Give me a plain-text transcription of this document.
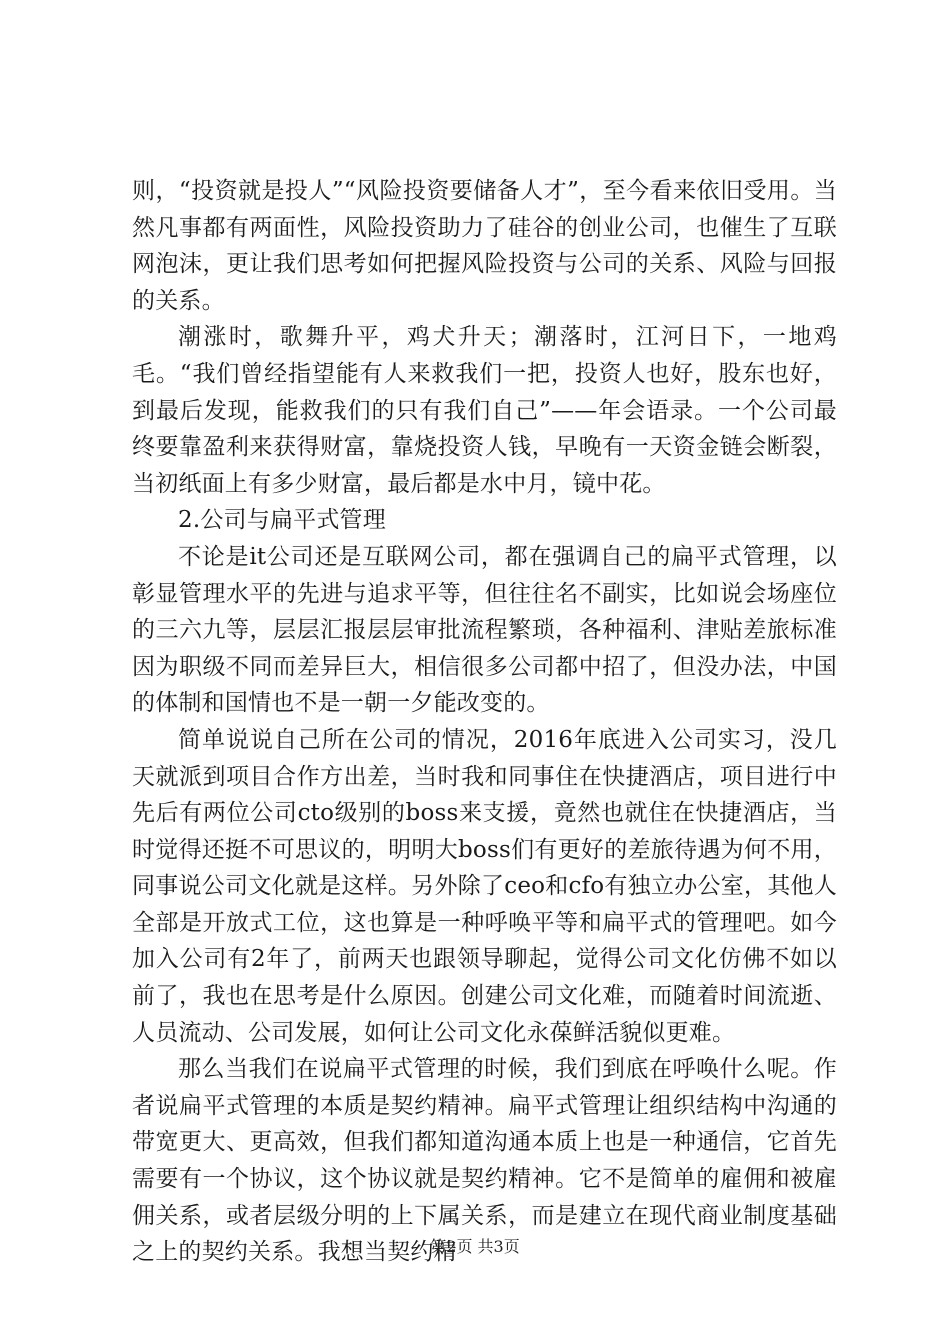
则，“投资就是投人”“风险投资要储备人才”，至今看来依旧受用。当然凡事都有两面性，风险投资助力了硅谷的创业公司，也催生了互联网泡沫，更让我们思考如何把握风险投资与公司的关系、风险与回报的关系。

潮涨时，歌舞升平，鸡犬升天；潮落时，江河日下，一地鸡毛。“我们曾经指望能有人来救我们一把，投资人也好，股东也好，到最后发现，能救我们的只有我们自己”——年会语录。一个公司最终要靠盈利来获得财富，靠烧投资人钱，早晚有一天资金链会断裂，当初纸面上有多少财富，最后都是水中月，镜中花。

2.公司与扁平式管理

不论是it公司还是互联网公司，都在强调自己的扁平式管理，以彰显管理水平的先进与追求平等，但往往名不副实，比如说会场座位的三六九等，层层汇报层层审批流程繁琐，各种福利、津贴差旅标准因为职级不同而差异巨大，相信很多公司都中招了，但没办法，中国的体制和国情也不是一朝一夕能改变的。

简单说说自己所在公司的情况，2016年底进入公司实习，没几天就派到项目合作方出差，当时我和同事住在快捷酒店，项目进行中先后有两位公司cto级别的boss来支援，竟然也就住在快捷酒店，当时觉得还挺不可思议的，明明大boss们有更好的差旅待遇为何不用，同事说公司文化就是这样。另外除了ceo和cfo有独立办公室，其他人全部是开放式工位，这也算是一种呼唤平等和扁平式的管理吧。如今加入公司有2年了，前两天也跟领导聊起，觉得公司文化仿佛不如以前了，我也在思考是什么原因。创建公司文化难，而随着时间流逝、人员流动、公司发展，如何让公司文化永葆鲜活貌似更难。

那么当我们在说扁平式管理的时候，我们到底在呼唤什么呢。作者说扁平式管理的本质是契约精神。扁平式管理让组织结构中沟通的带宽更大、更高效，但我们都知道沟通本质上也是一种通信，它首先需要有一个协议，这个协议就是契约精神。它不是简单的雇佣和被雇佣关系，或者层级分明的上下属关系，而是建立在现代商业制度基础之上的契约关系。我想当契约精

第2页 共3页
